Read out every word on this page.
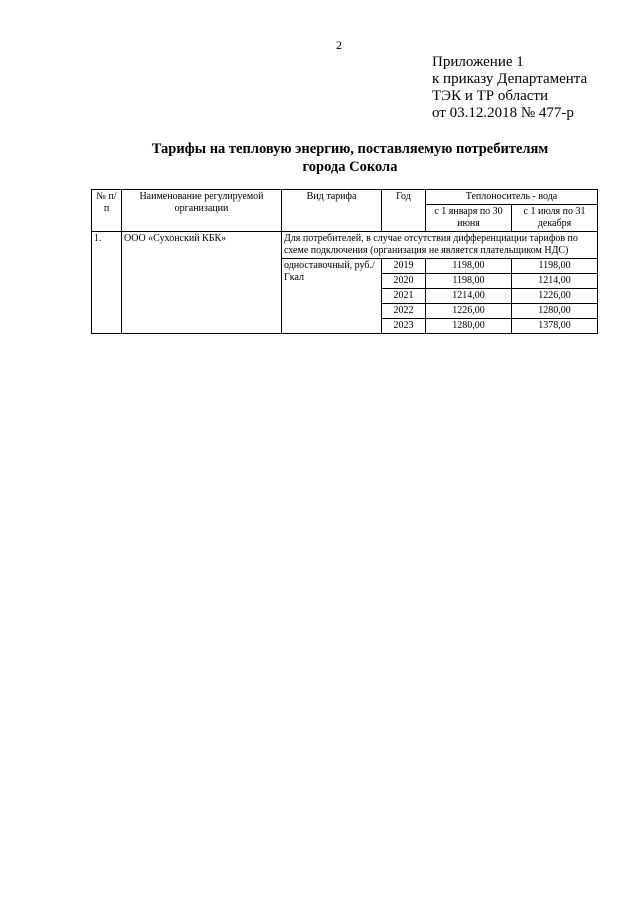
2
Приложение 1
к приказу Департамента
ТЭК и ТР области
от 03.12.2018 № 477-р
Тарифы на тепловую энергию, поставляемую потребителям
города Сокола
№ п/п	Наименование регулируемой организации	Вид тарифа	Год	Теплоноситель - вода	
				с 1 января по 30 июня	с 1 июля по 31 декабря
1.	ООО «Сухонский КБК»	Для потребителей, в случае отсутствия дифференциации тарифов по схеме подключения (организация не является плательщиком НДС)			
		одноставочный, руб./Гкал	2019	1198,00	1198,00
			2020	1198,00	1214,00
			2021	1214,00	1226,00
			2022	1226,00	1280,00
			2023	1280,00	1378,00
